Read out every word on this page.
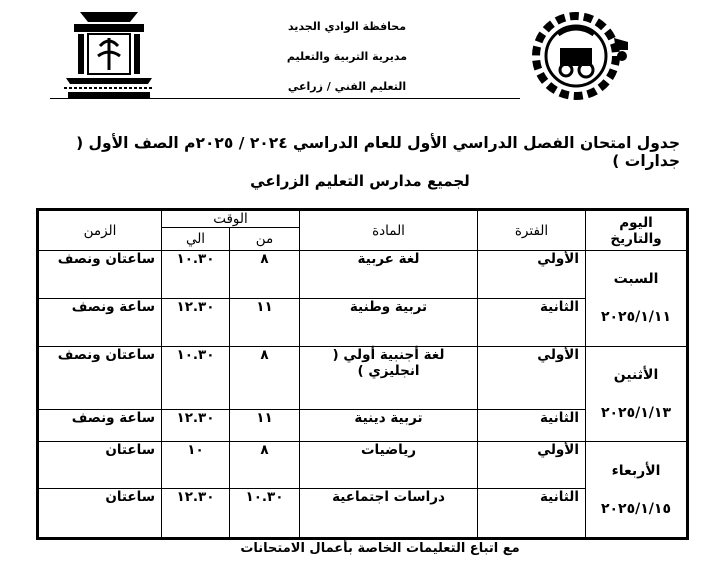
محافظة الوادي الجديد
مديرية التربية والتعليم
التعليم الفني / زراعي
جدول امتحان الفصل الدراسي الأول للعام الدراسي ٢٠٢٤ / ٢٠٢٥م الصف الأول ( جدارات )
لجميع مدارس التعليم الزراعي
اليوم والتاريخ	الفترة	المادة	الوقت		الزمن
			من	الي	

السبت
٢٠٢٥/١/١١	الأولي	لغة عربية	٨	١٠.٣٠	ساعتان ونصف
	الثانية	تربية وطنية	١١	١٢.٣٠	ساعة ونصف

الأثنين
٢٠٢٥/١/١٣	الأولي	لغة أجنبية أولي ( انجليزي )	٨	١٠.٣٠	ساعتان ونصف
	الثانية	تربية دينية	١١	١٢.٣٠	ساعة ونصف

الأربعاء
٢٠٢٥/١/١٥	الأولي	رياضيات	٨	١٠	ساعتان
	الثانية	دراسات اجتماعية	١٠.٣٠	١٢.٣٠	ساعتان
مع اتباع التعليمات الخاصة بأعمال الامتحانات
